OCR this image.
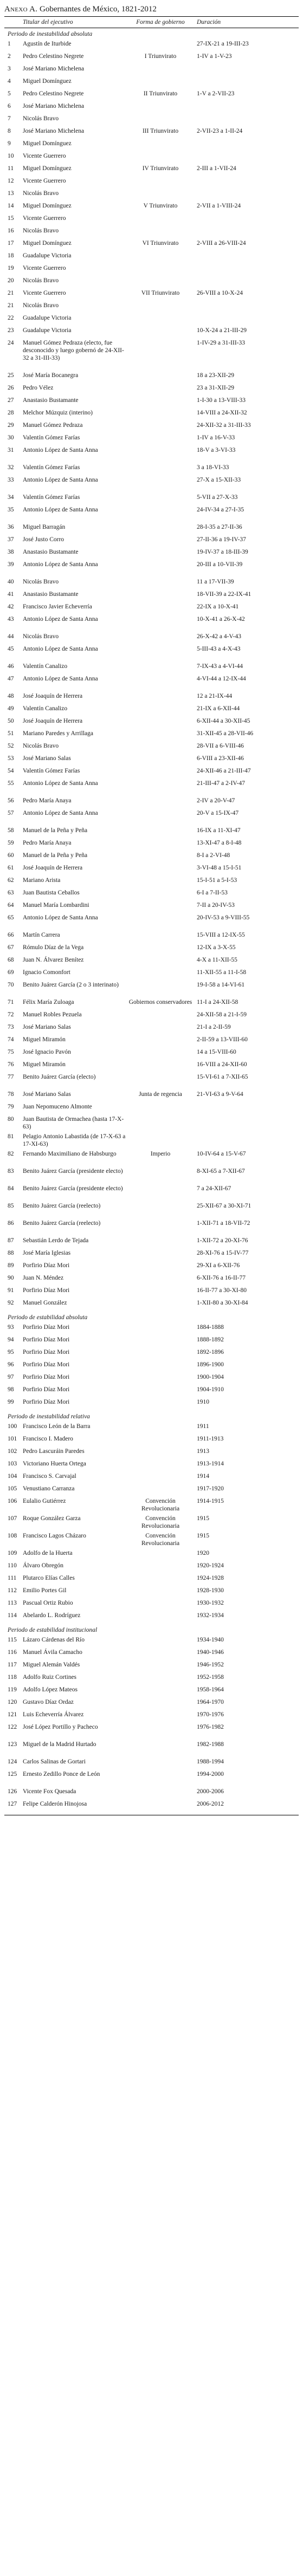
Anexo A. Gobernantes de México, 1821-2012
	Titular del ejecutivo	Forma de gobierno	Duración
Periodo de inestabilidad absoluta			
1	Agustín de Iturbide		27-IX-21 a 19-III-23
2	Pedro Celestino Negrete	I Triunvirato	1-IV a 1-V-23
3	José Mariano Michelena		
4	Miguel Domínguez		
5	Pedro Celestino Negrete	II Triunvirato	1-V a 2-VII-23
6	José Mariano Michelena		
7	Nicolás Bravo		
8	José Mariano Michelena	III Triunvirato	2-VII-23 a 1-II-24
9	Miguel Domínguez		
10	Vicente Guerrero		
11	Miguel Domínguez	IV Triunvirato	2-III a 1-VII-24
12	Vicente Guerrero		
13	Nicolás Bravo		
14	Miguel Domínguez	V Triunvirato	2-VII a 1-VIII-24
15	Vicente Guerrero		
16	Nicolás Bravo		
17	Miguel Domínguez	VI Triunvirato	2-VIII a 26-VIII-24
18	Guadalupe Victoria		
19	Vicente Guerrero		
20	Nicolás Bravo		
21	Vicente Guerrero	VII Triunvirato	26-VIII a 10-X-24
21	Nicolás Bravo		
22	Guadalupe Victoria		
23	Guadalupe Victoria		10-X-24 a 21-III-29
24	Manuel Gómez Pedraza (electo, fue desconocido y luego gobernó de 24-XII-32 a 31-III-33)		1-IV-29 a 31-III-33
25	José María Bocanegra		18 a 23-XII-29
26	Pedro Vélez		23 a 31-XII-29
27	Anastasio Bustamante		1-I-30 a 13-VIII-33
28	Melchor Múzquiz (interino)		14-VIII a 24-XII-32
29	Manuel Gómez Pedraza		24-XII-32 a 31-III-33
30	Valentín Gómez Farías		1-IV a 16-V-33
31	Antonio López de Santa Anna		18-V a 3-VI-33
32	Valentín Gómez Farías		3 a 18-VI-33
33	Antonio López de Santa Anna		27-X a 15-XII-33
34	Valentín Gómez Farías		5-VII a 27-X-33
35	Antonio López de Santa Anna		24-IV-34 a 27-I-35
36	Miguel Barragán		28-I-35 a 27-II-36
37	José Justo Corro		27-II-36 a 19-IV-37
38	Anastasio Bustamante		19-IV-37 a 18-III-39
39	Antonio López de Santa Anna		20-III a 10-VII-39
40	Nicolás Bravo		11 a 17-VII-39
41	Anastasio Bustamante		18-VII-39 a 22-IX-41
42	Francisco Javier Echeverría		22-IX a 10-X-41
43	Antonio López de Santa Anna		10-X-41 a 26-X-42
44	Nicolás Bravo		26-X-42 a 4-V-43
45	Antonio López de Santa Anna		5-III-43 a 4-X-43
46	Valentín Canalizo		7-IX-43 a 4-VI-44
47	Antonio López de Santa Anna		4-VI-44 a 12-IX-44
48	José Joaquín de Herrera		12 a 21-IX-44
49	Valentín Canalizo		21-IX a 6-XII-44
50	José Joaquín de Herrera		6-XII-44 a 30-XII-45
51	Mariano Paredes y Arrillaga		31-XII-45 a 28-VII-46
52	Nicolás Bravo		28-VII a 6-VIII-46
53	José Mariano Salas		6-VIII a 23-XII-46
54	Valentín Gómez Farías		24-XII-46 a 21-III-47
55	Antonio López de Santa Anna		21-III-47 a 2-IV-47
56	Pedro María Anaya		2-IV a 20-V-47
57	Antonio López de Santa Anna		20-V a 15-IX-47
58	Manuel de la Peña y Peña		16-IX a 11-XI-47
59	Pedro María Anaya		13-XI-47 a 8-I-48
60	Manuel de la Peña y Peña		8-I a 2-VI-48
61	José Joaquín de Herrera		3-VI-48 a 15-I-51
62	Mariano Arista		15-I-51 a 5-I-53
63	Juan Bautista Ceballos		6-I a 7-II-53
64	Manuel María Lombardini		7-II a 20-IV-53
65	Antonio López de Santa Anna		20-IV-53 a 9-VIII-55
66	Martín Carrera		15-VIII a 12-IX-55
67	Rómulo Díaz de la Vega		12-IX a 3-X-55
68	Juan N. Álvarez Benítez		4-X a 11-XII-55
69	Ignacio Comonfort		11-XII-55 a 11-I-58
70	Benito Juárez García (2 o 3 interinato)		19-I-58 a 14-VI-61
71	Félix María Zuloaga	Gobiernos conservadores	11-I a 24-XII-58
72	Manuel Robles Pezuela		24-XII-58 a 21-I-59
73	José Mariano Salas		21-I a 2-II-59
74	Miguel Miramón		2-II-59 a 13-VIII-60
75	José Ignacio Pavón		14 a 15-VIII-60
76	Miguel Miramón		16-VIII a 24-XII-60
77	Benito Juárez García (electo)		15-VI-61 a 7-XII-65
78	José Mariano Salas	Junta de regencia	21-VI-63 a 9-V-64
79	Juan Nepomuceno Almonte		
80	Juan Bautista de Ormachea (hasta 17-X-63)		
81	Pelagio Antonio Labastida (de 17-X-63 a 17-XI-63)		
82	Fernando Maximiliano de Habsburgo	Imperio	10-IV-64 a 15-V-67
83	Benito Juárez García (presidente electo)		8-XI-65 a 7-XII-67
84	Benito Juárez García (presidente electo)		7 a 24-XII-67
85	Benito Juárez García (reelecto)		25-XII-67 a 30-XI-71
86	Benito Juárez García (reelecto)		1-XII-71 a 18-VII-72
87	Sebastián Lerdo de Tejada		1-XII-72 a 20-XI-76
88	José María Iglesias		28-XI-76 a 15-IV-77
89	Porfirio Díaz Mori		29-XI a 6-XII-76
90	Juan N. Méndez		6-XII-76 a 16-II-77
91	Porfirio Díaz Mori		16-II-77 a 30-XI-80
92	Manuel González		1-XII-80 a 30-XI-84
Periodo de estabilidad absoluta			
93	Porfirio Díaz Mori		1884-1888
94	Porfirio Díaz Mori		1888-1892
95	Porfirio Díaz Mori		1892-1896
96	Porfirio Díaz Mori		1896-1900
97	Porfirio Díaz Mori		1900-1904
98	Porfirio Díaz Mori		1904-1910
99	Porfirio Díaz Mori		1910
Periodo de inestabilidad relativa			
100	Francisco León de la Barra		1911
101	Francisco I. Madero		1911-1913
102	Pedro Lascuráin Paredes		1913
103	Victoriano Huerta Ortega		1913-1914
104	Francisco S. Carvajal		1914
105	Venustiano Carranza		1917-1920
106	Eulalio Gutiérrez	Convención Revolucionaria	1914-1915
107	Roque González Garza	Convención Revolucionaria	1915
108	Francisco Lagos Cházaro	Convención Revolucionaria	1915
109	Adolfo de la Huerta		1920
110	Álvaro Obregón		1920-1924
111	Plutarco Elías Calles		1924-1928
112	Emilio Portes Gil		1928-1930
113	Pascual Ortiz Rubio		1930-1932
114	Abelardo L. Rodríguez		1932-1934
Periodo de estabilidad institucional			
115	Lázaro Cárdenas del Río		1934-1940
116	Manuel Ávila Camacho		1940-1946
117	Miguel Alemán Valdés		1946-1952
118	Adolfo Ruiz Cortines		1952-1958
119	Adolfo López Mateos		1958-1964
120	Gustavo Díaz Ordaz		1964-1970
121	Luis Echeverría Álvarez		1970-1976
122	José López Portillo y Pacheco		1976-1982
123	Miguel de la Madrid Hurtado		1982-1988
124	Carlos Salinas de Gortari		1988-1994
125	Ernesto Zedillo Ponce de León		1994-2000
126	Vicente Fox Quesada		2000-2006
127	Felipe Calderón Hinojosa		2006-2012
